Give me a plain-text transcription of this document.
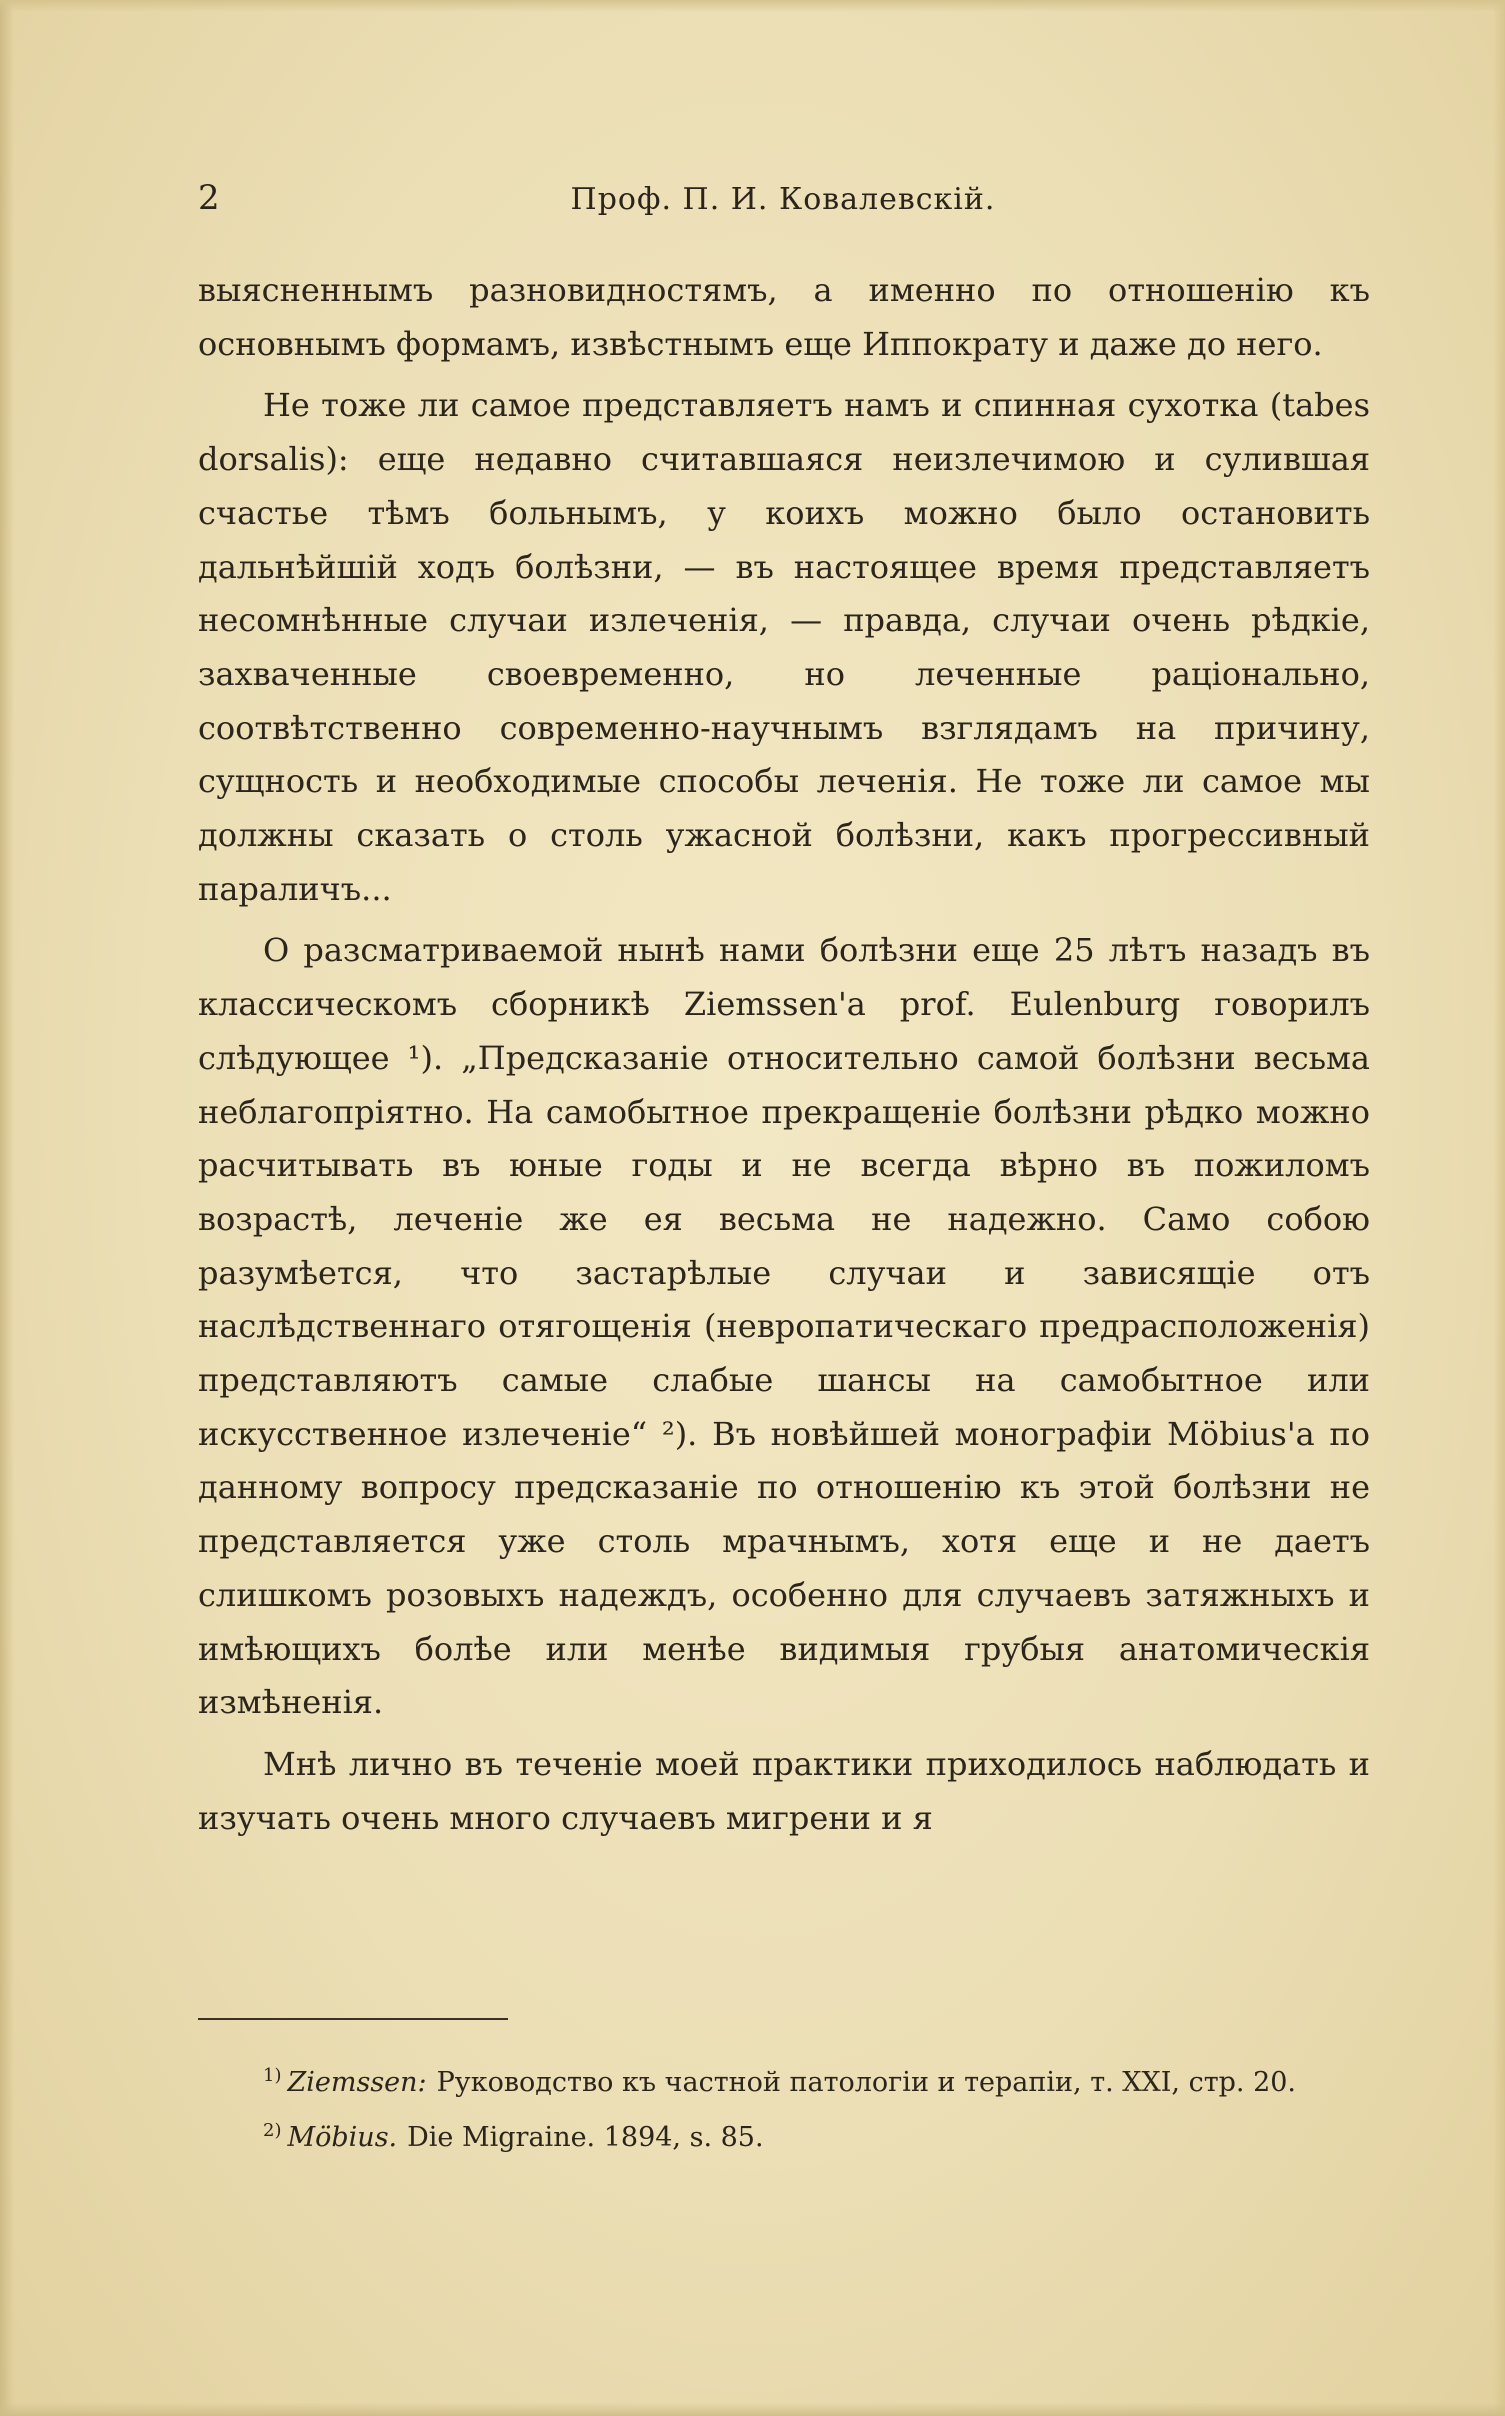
2	Проф. П. И. Ковалевскій.

выясненнымъ разновидностямъ, а именно по отношенію къ основнымъ формамъ, извѣстнымъ еще Иппократу и даже до него.

Не тоже ли самое представляетъ намъ и спинная сухотка (tabes dorsalis): еще недавно считавшаяся неизлечимою и сулившая счастье тѣмъ больнымъ, у коихъ можно было остановить дальнѣйшій ходъ болѣзни, — въ настоящее время представляетъ несомнѣнные случаи излеченія, — правда, случаи очень рѣдкіе, захваченные своевременно, но леченные раціонально, соотвѣтственно современно-научнымъ взглядамъ на причину, сущность и необходимые способы леченія. Не тоже ли самое мы должны сказать о столь ужасной болѣзни, какъ прогрессивный параличъ...

О разсматриваемой нынѣ нами болѣзни еще 25 лѣтъ назадъ въ классическомъ сборникѣ Ziemssen'а prof. Eulenburg говорилъ слѣдующее ¹). „Предсказаніе относительно самой болѣзни весьма неблагопріятно. На самобытное прекращеніе болѣзни рѣдко можно расчитывать въ юные годы и не всегда вѣрно въ пожиломъ возрастѣ, леченіе же ея весьма не надежно. Само собою разумѣется, что застарѣлые случаи и зависящіе отъ наслѣдственнаго отягощенія (невропатическаго предрасположенія) представляютъ самые слабые шансы на самобытное или искусственное излеченіе“ ²). Въ новѣйшей монографіи Möbius'а по данному вопросу предсказаніе по отношенію къ этой болѣзни не представляется уже столь мрачнымъ, хотя еще и не даетъ слишкомъ розовыхъ надеждъ, особенно для случаевъ затяжныхъ и имѣющихъ болѣе или менѣе видимыя грубыя анатомическія измѣненія.

Мнѣ лично въ теченіе моей практики приходилось наблюдать и изучать очень много случаевъ мигрени и я

$^{1)}$ Ziemssen: Руководство къ частной патологіи и терапіи, т. XXI, стр. 20.

$^{2)}$ Möbius. Die Migraine. 1894, s. 85.
